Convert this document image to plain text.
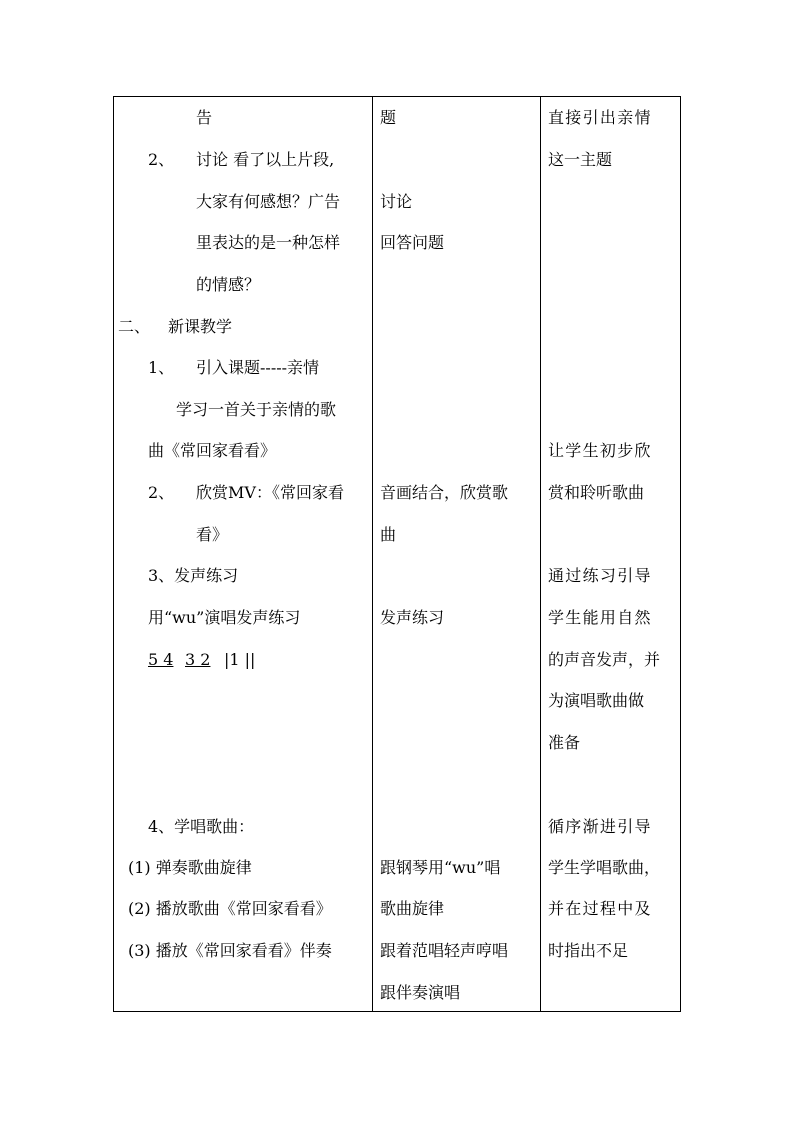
告
2、 讨论 看了以上片段,
大家有何感想？广告
里表达的是一种怎样
的情感？
二、 新课教学
1、 引入课题-----亲情
学习一首关于亲情的歌
曲《常回家看看》
2、 欣赏MV：《常回家看
看》
3、发声练习
用“wu”演唱发声练习
5 4 3 2 |1 ||
4、学唱歌曲：
(1) 弹奏歌曲旋律
(2) 播放歌曲《常回家看看》
(3) 播放《常回家看看》伴奏
题
讨论
回答问题
音画结合，欣赏歌
曲
发声练习
跟钢琴用“wu”唱
歌曲旋律
跟着范唱轻声哼唱
跟伴奏演唱
直接引出亲情
这一主题
让学生初步欣
赏和聆听歌曲
通过练习引导
学生能用自然
的声音发声，并
为演唱歌曲做
准备
循序渐进引导
学生学唱歌曲，
并在过程中及
时指出不足
